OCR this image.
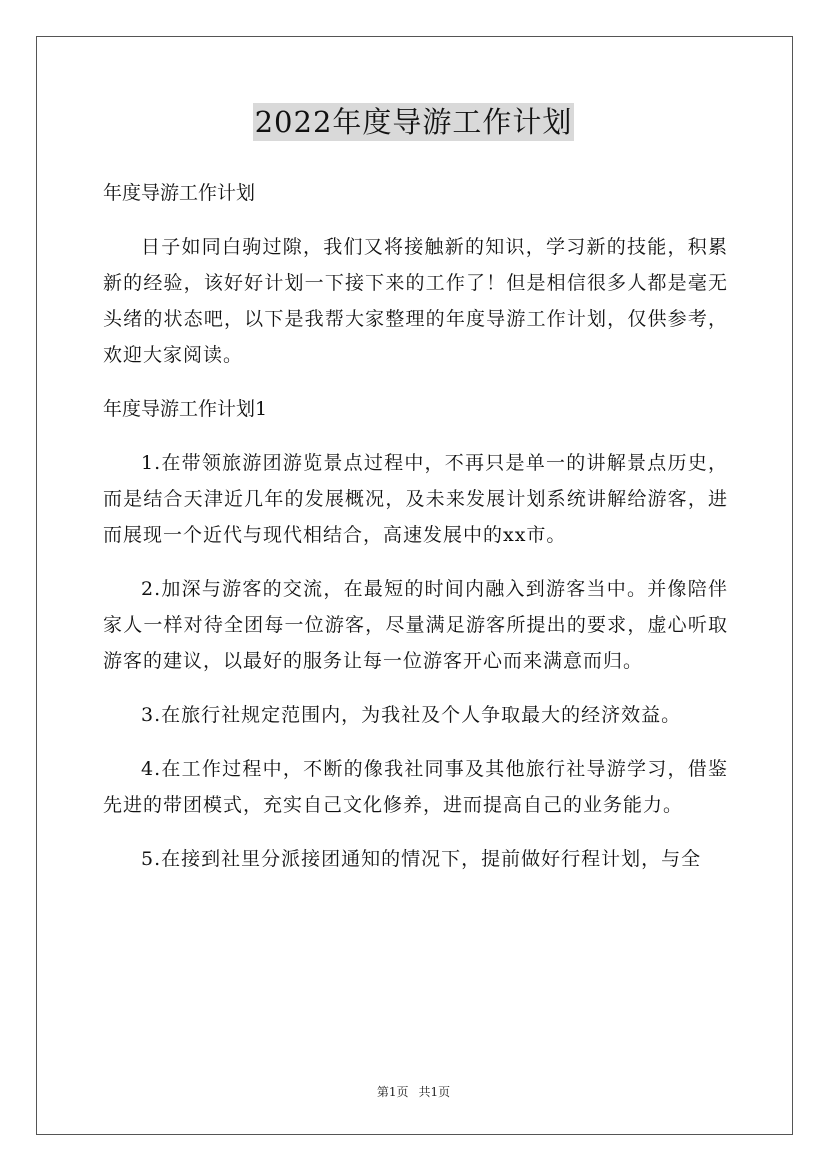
2022年度导游工作计划

年度导游工作计划

日子如同白驹过隙，我们又将接触新的知识，学习新的技能，积累新的经验，该好好计划一下接下来的工作了！但是相信很多人都是毫无头绪的状态吧，以下是我帮大家整理的年度导游工作计划，仅供参考，欢迎大家阅读。

年度导游工作计划1

1.在带领旅游团游览景点过程中，不再只是单一的讲解景点历史，而是结合天津近几年的发展概况，及未来发展计划系统讲解给游客，进而展现一个近代与现代相结合，高速发展中的xx市。

2.加深与游客的交流，在最短的时间内融入到游客当中。并像陪伴家人一样对待全团每一位游客，尽量满足游客所提出的要求，虚心听取游客的建议，以最好的服务让每一位游客开心而来满意而归。

3.在旅行社规定范围内，为我社及个人争取最大的经济效益。

4.在工作过程中，不断的像我社同事及其他旅行社导游学习，借鉴先进的带团模式，充实自己文化修养，进而提高自己的业务能力。

5.在接到社里分派接团通知的情况下，提前做好行程计划，与全

第1页 共1页
